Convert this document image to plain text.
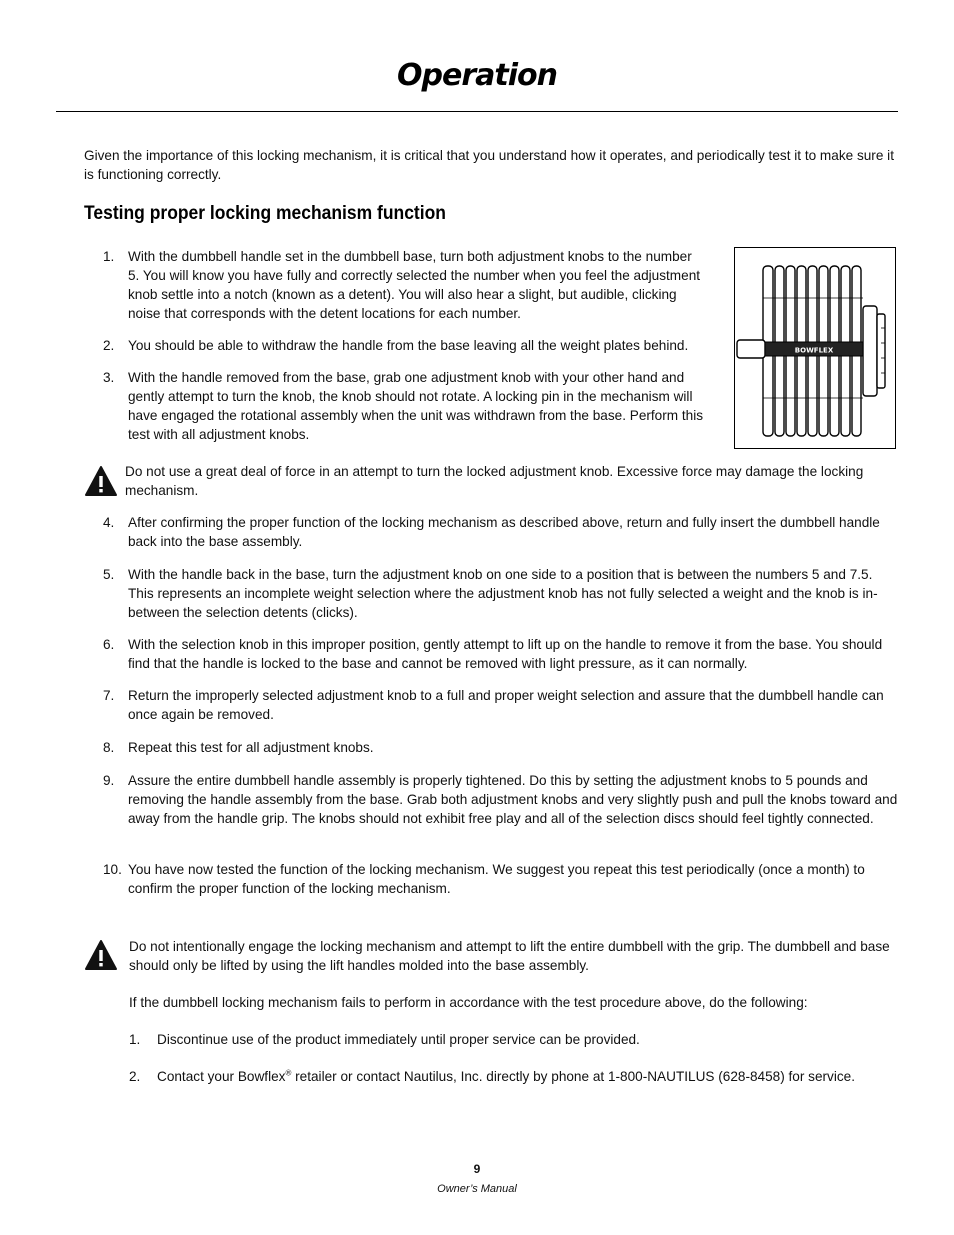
Operation

Given the importance of this locking mechanism, it is critical that you understand how it operates, and periodically test it to make sure it is functioning correctly.

Testing proper locking mechanism function
1. With the dumbbell handle set in the dumbbell base, turn both adjustment knobs to the number 5. You will know you have fully and correctly selected the number when you feel the adjustment knob settle into a notch (known as a detent). You will also hear a slight, but audible, clicking noise that corresponds with the detent locations for each number.

2. You should be able to withdraw the handle from the base leaving all the weight plates behind.

3. With the handle removed from the base, grab one adjustment knob with your other hand and gently attempt to turn the knob, the knob should not rotate. A locking pin in the mechanism will have engaged the rotational assembly when the unit was withdrawn from the base. Perform this test with all adjustment knobs.

BOWFLEX

Do not use a great deal of force in an attempt to turn the locked adjustment knob. Excessive force may damage the locking mechanism.

4. After confirming the proper function of the locking mechanism as described above, return and fully insert the dumbbell handle back into the base assembly.

5. With the handle back in the base, turn the adjustment knob on one side to a position that is between the numbers 5 and 7.5. This represents an incomplete weight selection where the adjustment knob has not fully selected a weight and the knob is in-between the selection detents (clicks).

6. With the selection knob in this improper position, gently attempt to lift up on the handle to remove it from the base. You should find that the handle is locked to the base and cannot be removed with light pressure, as it can normally.

7. Return the improperly selected adjustment knob to a full and proper weight selection and assure that the dumbbell handle can once again be removed.

8. Repeat this test for all adjustment knobs.

9. Assure the entire dumbbell handle assembly is properly tightened. Do this by setting the adjustment knobs to 5 pounds and removing the handle assembly from the base. Grab both adjustment knobs and very slightly push and pull the knobs toward and away from the handle grip. The knobs should not exhibit free play and all of the selection discs should feel tightly connected.

10. You have now tested the function of the locking mechanism. We suggest you repeat this test periodically (once a month) to confirm the proper function of the locking mechanism.

Do not intentionally engage the locking mechanism and attempt to lift the entire dumbbell with the grip. The dumbbell and base should only be lifted by using the lift handles molded into the base assembly.

If the dumbbell locking mechanism fails to perform in accordance with the test procedure above, do the following:

1. Discontinue use of the product immediately until proper service can be provided.

2. Contact your Bowflex® retailer or contact Nautilus, Inc. directly by phone at 1-800-NAUTILUS (628-8458) for service.

9
Owner’s Manual
